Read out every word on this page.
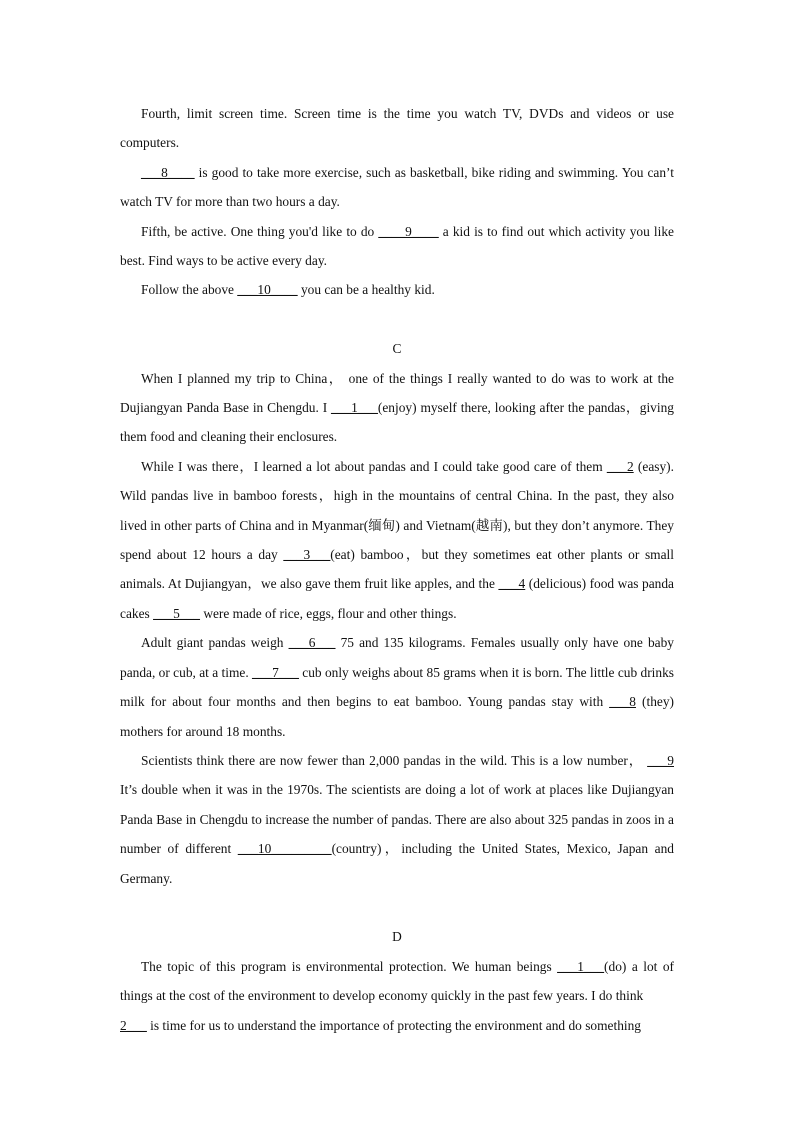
Fourth, limit screen time. Screen time is the time you watch TV, DVDs and videos or use computers.

___8____ is good to take more exercise, such as basketball, bike riding and swimming. You can’t watch TV for more than two hours a day.

Fifth, be active. One thing you'd like to do ____9____ a kid is to find out which activity you like best. Find ways to be active every day.

Follow the above ___10____ you can be a healthy kid.

C

When I planned my trip to China， one of the things I really wanted to do was to work at the Dujiangyan Panda Base in Chengdu. I ___1___(enjoy) myself there, looking after the pandas，giving them food and cleaning their enclosures.

While I was there，I learned a lot about pandas and I could take good care of them ___2 (easy). Wild pandas live in bamboo forests，high in the mountains of central China. In the past, they also lived in other parts of China and in Myanmar(缅甸) and Vietnam(越南), but they don’t anymore. They spend about 12 hours a day ___3___(eat) bamboo，but they sometimes eat other plants or small animals. At Dujiangyan，we also gave them fruit like apples, and the ___4 (delicious) food was panda cakes ___5___ were made of rice, eggs, flour and other things.

Adult giant pandas weigh ___6___ 75 and 135 kilograms. Females usually only have one baby panda, or cub, at a time. ___7___ cub only weighs about 85 grams when it is born. The little cub drinks milk for about four months and then begins to eat bamboo. Young pandas stay with ___8 (they) mothers for around 18 months.

Scientists think there are now fewer than 2,000 pandas in the wild. This is a low number， ___9 It’s double when it was in the 1970s. The scientists are doing a lot of work at places like Dujiangyan Panda Base in Chengdu to increase the number of pandas. There are also about 325 pandas in zoos in a number of different ___10_________(country)，including the United States, Mexico, Japan and Germany.

D

The topic of this program is environmental protection. We human beings ___1___(do) a lot of things at the cost of the environment to develop economy quickly in the past few years. I do think

2___ is time for us to understand the importance of protecting the environment and do something
